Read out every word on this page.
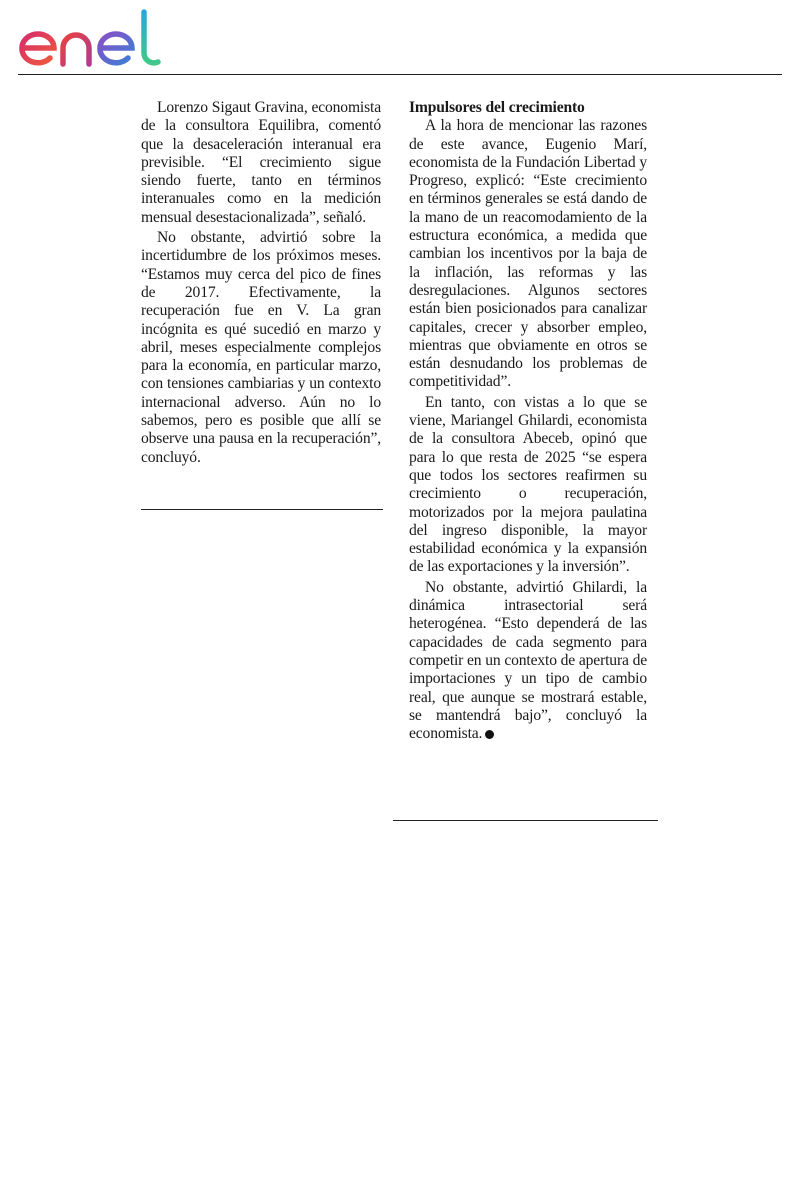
Lorenzo Sigaut Gravina, economista de la consultora Equilibra, comentó que la desaceleración interanual era previsible. “El crecimiento sigue siendo fuerte, tanto en términos interanuales como en la medición mensual desestacionalizada”, señaló.

No obstante, advirtió sobre la incertidumbre de los próximos meses. “Estamos muy cerca del pico de fines de 2017. Efectivamente, la recuperación fue en V. La gran incógnita es qué sucedió en marzo y abril, meses especialmente complejos para la economía, en particular marzo, con tensiones cambiarias y un contexto internacional adverso. Aún no lo sabemos, pero es posible que allí se observe una pausa en la recuperación”, concluyó.

Impulsores del crecimiento

A la hora de mencionar las razones de este avance, Eugenio Marí, economista de la Fundación Libertad y Progreso, explicó: “Este crecimiento en términos generales se está dando de la mano de un reacomodamiento de la estructura económica, a medida que cambian los incentivos por la baja de la inflación, las reformas y las desregulaciones. Algunos sectores están bien posicionados para canalizar capitales, crecer y absorber empleo, mientras que obviamente en otros se están desnudando los problemas de competitividad”.

En tanto, con vistas a lo que se viene, Mariangel Ghilardi, economista de la consultora Abeceb, opinó que para lo que resta de 2025 “se espera que todos los sectores reafirmen su crecimiento o recuperación, motorizados por la mejora paulatina del ingreso disponible, la mayor estabilidad económica y la expansión de las exportaciones y la inversión”.

No obstante, advirtió Ghilardi, la dinámica intrasectorial será heterogénea. “Esto dependerá de las capacidades de cada segmento para competir en un contexto de apertura de importaciones y un tipo de cambio real, que aunque se mostrará estable, se mantendrá bajo”, concluyó la economista.
